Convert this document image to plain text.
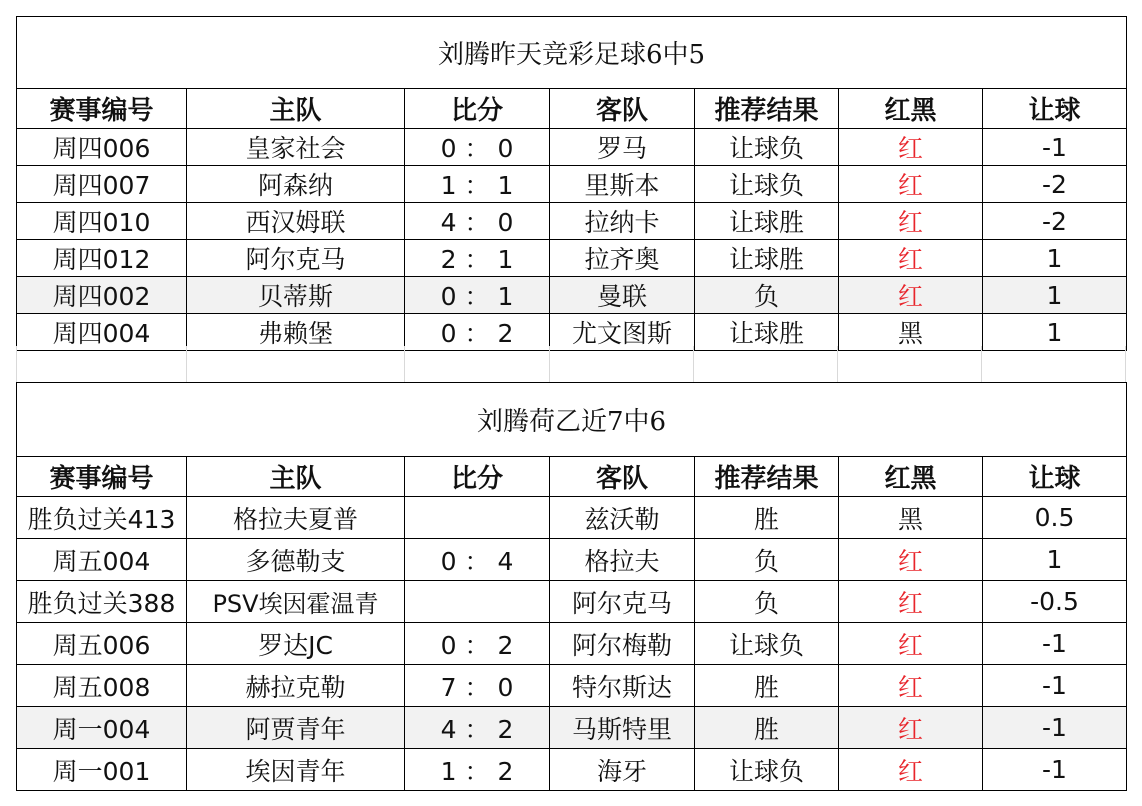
刘腾昨天竞彩足球6中5						
赛事编号	主队	比分	客队	推荐结果	红黑	让球
周四006	皇家社会	0 ： 0	罗马	让球负	红	-1
周四007	阿森纳	1 ： 1	里斯本	让球负	红	-2
周四010	西汉姆联	4 ： 0	拉纳卡	让球胜	红	-2
周四012	阿尔克马	2 ： 1	拉齐奥	让球胜	红	1
周四002	贝蒂斯	0 ： 1	曼联	负	红	1
周四004	弗赖堡	0 ： 2	尤文图斯	让球胜	黑	1
刘腾荷乙近7中6						
赛事编号	主队	比分	客队	推荐结果	红黑	让球
胜负过关413	格拉夫夏普		兹沃勒	胜	黑	0.5
周五004	多德勒支	0 ： 4	格拉夫	负	红	1
胜负过关388	PSV埃因霍温青		阿尔克马	负	红	-0.5
周五006	罗达JC	0 ： 2	阿尔梅勒	让球负	红	-1
周五008	赫拉克勒	7 ： 0	特尔斯达	胜	红	-1
周一004	阿贾青年	4 ： 2	马斯特里	胜	红	-1
周一001	埃因青年	1 ： 2	海牙	让球负	红	-1
